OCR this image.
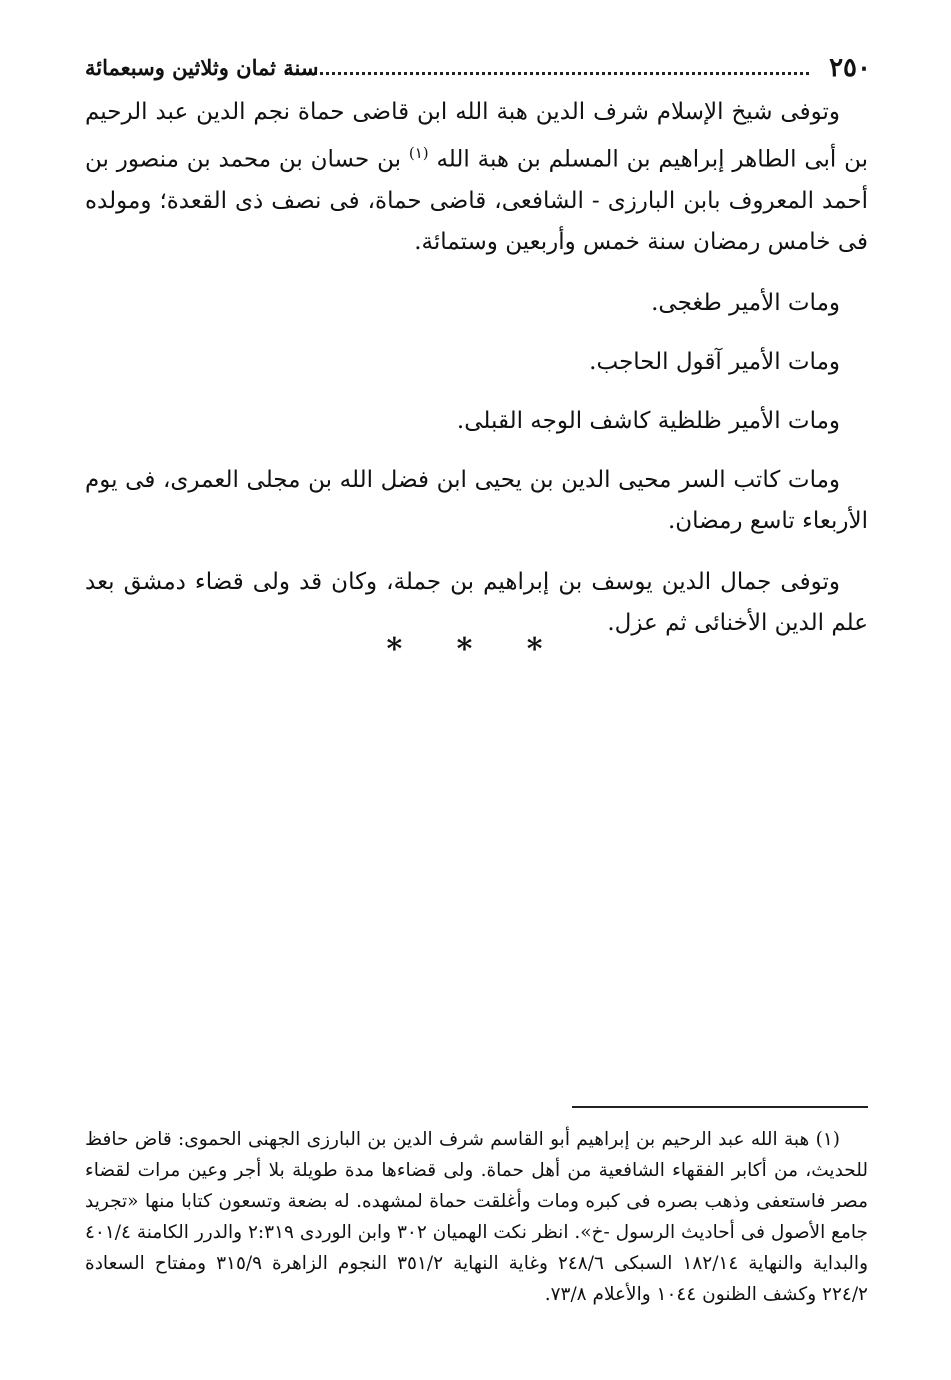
٢٥٠
سنة ثمان وثلاثين وسبعمائة

وتوفى شيخ الإسلام شرف الدين هبة الله ابن قاضى حماة نجم الدين عبد الرحيم بن أبى الطاهر إبراهيم بن المسلم بن هبة الله $^{(١)}$ بن حسان بن محمد بن منصور بن أحمد المعروف بابن البارزى - الشافعى، قاضى حماة، فى نصف ذى القعدة؛ ومولده فى خامس رمضان سنة خمس وأربعين وستمائة.

ومات الأمير طغجى.

ومات الأمير آقول الحاجب.

ومات الأمير ظلظية كاشف الوجه القبلى.

ومات كاتب السر محيى الدين بن يحيى ابن فضل الله بن مجلى العمرى، فى يوم الأربعاء تاسع رمضان.

وتوفى جمال الدين يوسف بن إبراهيم بن جملة، وكان قد ولى قضاء دمشق بعد علم الدين الأخنائى ثم عزل.

* * *

(١) هبة الله عبد الرحيم بن إبراهيم أبو القاسم شرف الدين بن البارزى الجهنى الحموى: قاض حافظ للحديث، من أكابر الفقهاء الشافعية من أهل حماة. ولى قضاءها مدة طويلة بلا أجر وعين مرات لقضاء مصر فاستعفى وذهب بصره فى كبره ومات وأغلقت حماة لمشهده. له بضعة وتسعون كتابا منها «تجريد جامع الأصول فى أحاديث الرسول -خ». انظر نكت الهميان ٣٠٢ وابن الوردى ٢:٣١٩ والدرر الكامنة ٤٠١/٤ والبداية والنهاية ١٨٢/١٤ السبكى ٢٤٨/٦ وغاية النهاية ٣٥١/٢ النجوم الزاهرة ٣١٥/٩ ومفتاح السعادة ٢٢٤/٢ وكشف الظنون ١٠٤٤ والأعلام ٧٣/٨.
